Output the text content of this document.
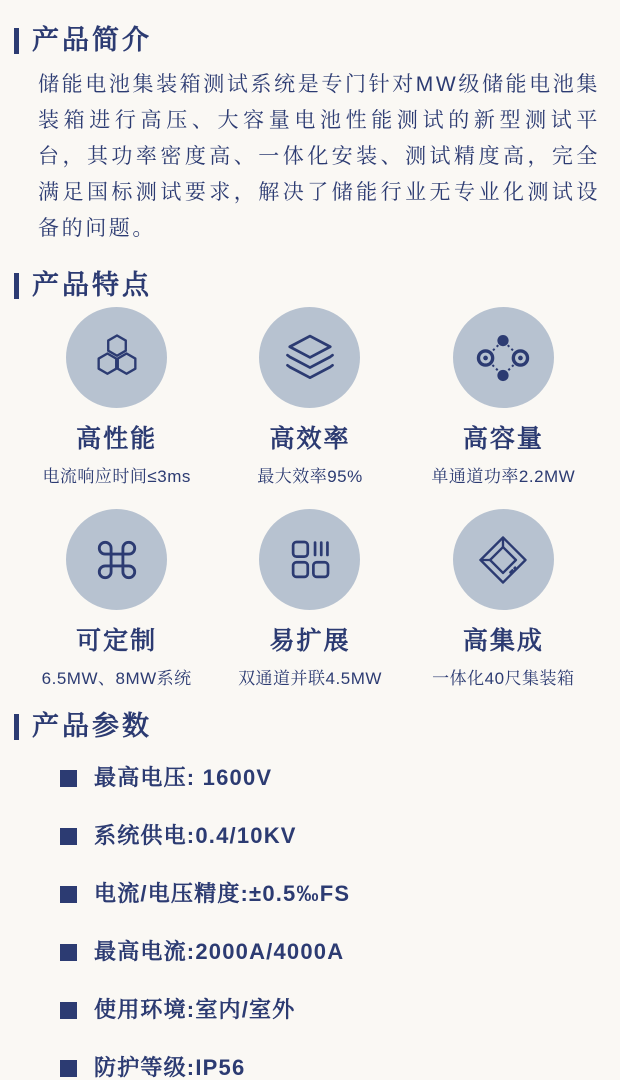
产品简介
储能电池集装箱测试系统是专门针对MW级储能电池集装箱进行高压、大容量电池性能测试的新型测试平台，其功率密度高、一体化安装、测试精度高，完全满足国标测试要求，解决了储能行业无专业化测试设备的问题。
产品特点
高性能
电流响应时间≤3ms
高效率
最大效率95%
高容量
单通道功率2.2MW
可定制
6.5MW、8MW系统
易扩展
双通道并联4.5MW
高集成
一体化40尺集装箱
产品参数
最高电压: 1600V
系统供电:0.4/10KV
电流/电压精度:±0.5‰FS
最高电流:2000A/4000A
使用环境:室内/室外
防护等级:IP56
